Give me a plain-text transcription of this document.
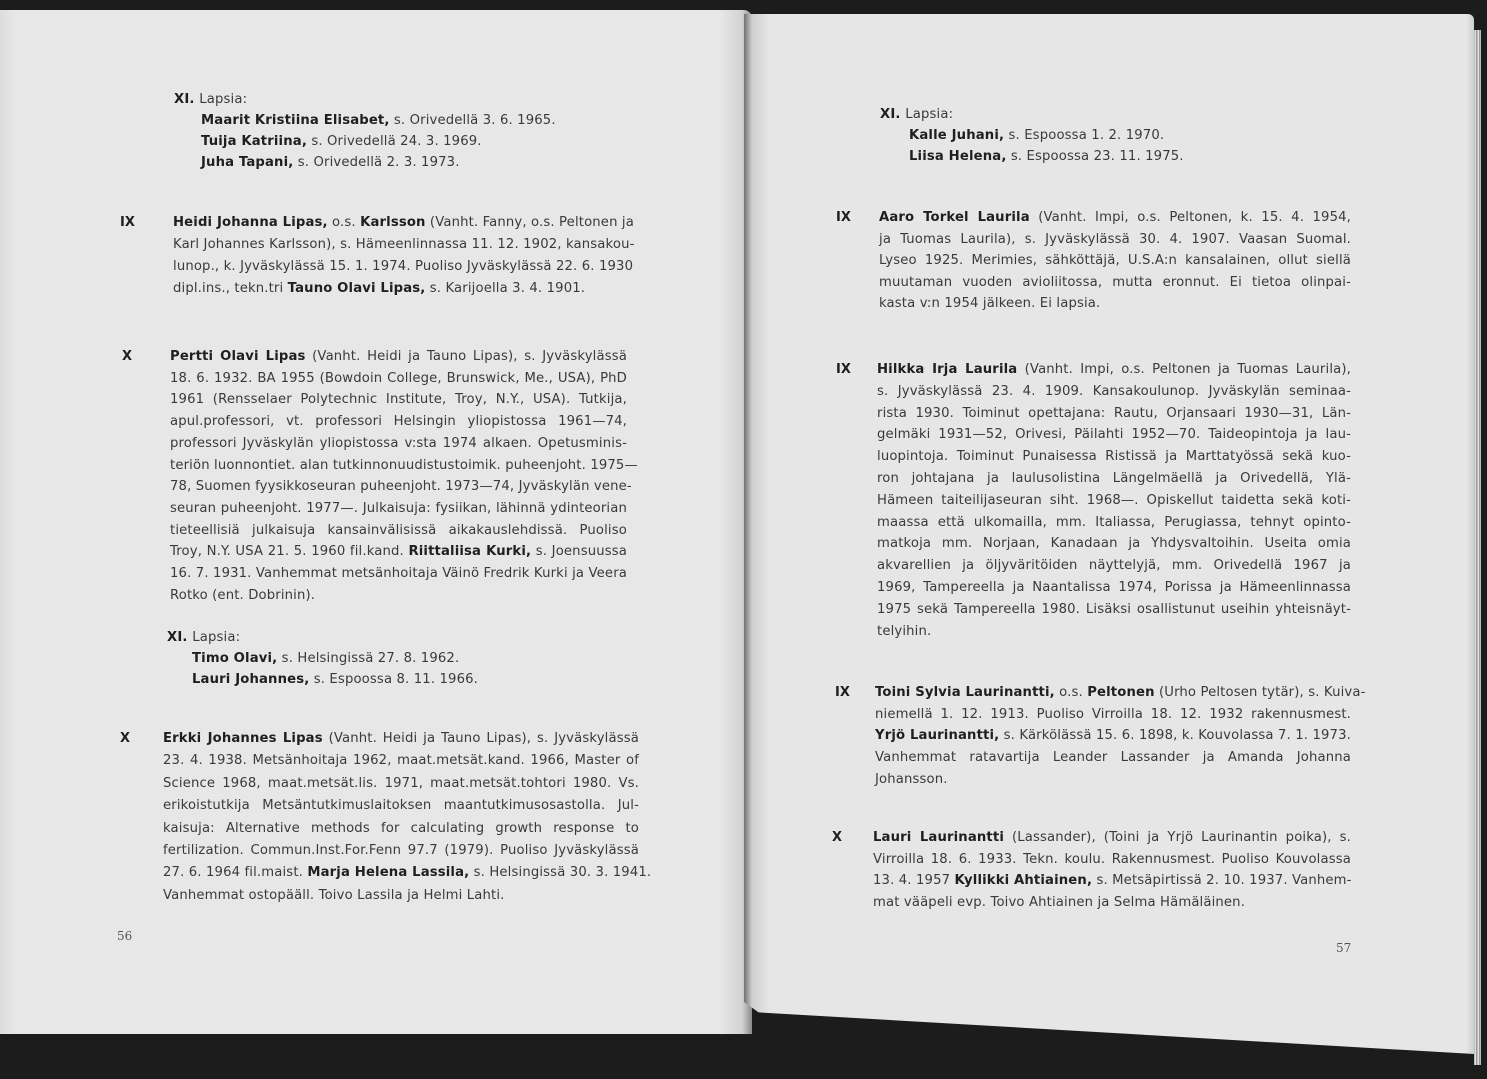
XI. Lapsia:
Maarit Kristiina Elisabet, s. Orivedellä 3. 6. 1965.
Tuija Katriina, s. Orivedellä 24. 3. 1969.
Juha Tapani, s. Orivedellä 2. 3. 1973.
IX	Heidi Johanna Lipas, o.s. Karlsson (Vanht. Fanny, o.s. Peltonen ja
Karl Johannes Karlsson), s. Hämeenlinnassa 11. 12. 1902, kansakou-
lunop., k. Jyväskylässä 15. 1. 1974. Puoliso Jyväskylässä 22. 6. 1930
dipl.ins., tekn.tri Tauno Olavi Lipas, s. Karijoella 3. 4. 1901.
X	Pertti Olavi Lipas (Vanht. Heidi ja Tauno Lipas), s. Jyväskylässä
18. 6. 1932. BA 1955 (Bowdoin College, Brunswick, Me., USA), PhD
1961 (Rensselaer Polytechnic Institute, Troy, N.Y., USA). Tutkija,
apul.professori, vt. professori Helsingin yliopistossa 1961—74,
professori Jyväskylän yliopistossa v:sta 1974 alkaen. Opetusminis-
teriön luonnontiet. alan tutkinnonuudistustoimik. puheenjoht. 1975—
78, Suomen fyysikkoseuran puheenjoht. 1973—74, Jyväskylän vene-
seuran puheenjoht. 1977—. Julkaisuja: fysiikan, lähinnä ydinteorian
tieteellisiä julkaisuja kansainvälisissä aikakauslehdissä. Puoliso
Troy, N.Y. USA 21. 5. 1960 fil.kand. Riittaliisa Kurki, s. Joensuussa
16. 7. 1931. Vanhemmat metsänhoitaja Väinö Fredrik Kurki ja Veera
Rotko (ent. Dobrinin).
XI. Lapsia:
Timo Olavi, s. Helsingissä 27. 8. 1962.
Lauri Johannes, s. Espoossa 8. 11. 1966.
X Erkki Johannes Lipas (Vanht. Heidi ja Tauno Lipas), s. Jyväskylässä
23. 4. 1938. Metsänhoitaja 1962, maat.metsät.kand. 1966, Master of
Science 1968, maat.metsät.lis. 1971, maat.metsät.tohtori 1980. Vs.
erikoistutkija Metsäntutkimuslaitoksen maantutkimusosastolla. Jul-
kaisuja: Alternative methods for calculating growth response to
fertilization. Commun.Inst.For.Fenn 97.7 (1979). Puoliso Jyväskylässä
27. 6. 1964 fil.maist. Marja Helena Lassila, s. Helsingissä 30. 3. 1941.
Vanhemmat ostopääll. Toivo Lassila ja Helmi Lahti.
XI. Lapsia:
Kalle Juhani, s. Espoossa 1. 2. 1970.
Liisa Helena, s. Espoossa 23. 11. 1975.
IX Aaro Torkel Laurila (Vanht. Impi, o.s. Peltonen, k. 15. 4. 1954,
ja Tuomas Laurila), s. Jyväskylässä 30. 4. 1907. Vaasan Suomal.
Lyseo 1925. Merimies, sähköttäjä, U.S.A:n kansalainen, ollut siellä
muutaman vuoden avioliitossa, mutta eronnut. Ei tietoa olinpai-
kasta v:n 1954 jälkeen. Ei lapsia.
IX Hilkka Irja Laurila (Vanht. Impi, o.s. Peltonen ja Tuomas Laurila),
s. Jyväskylässä 23. 4. 1909. Kansakoulunop. Jyväskylän seminaa-
rista 1930. Toiminut opettajana: Rautu, Orjansaari 1930—31, Län-
gelmäki 1931—52, Orivesi, Päilahti 1952—70. Taideopintoja ja lau-
luopintoja. Toiminut Punaisessa Ristissä ja Marttatyössä sekä kuo-
ron johtajana ja laulusolistina Längelmäellä ja Orivedellä, Ylä-
Hämeen taiteilijaseuran siht. 1968—. Opiskellut taidetta sekä koti-
maassa että ulkomailla, mm. Italiassa, Perugiassa, tehnyt opinto-
matkoja mm. Norjaan, Kanadaan ja Yhdysvaltoihin. Useita omia
akvarellien ja öljyväritöiden näyttelyjä, mm. Orivedellä 1967 ja
1969, Tampereella ja Naantalissa 1974, Porissa ja Hämeenlinnassa
1975 sekä Tampereella 1980. Lisäksi osallistunut useihin yhteisnäyt-
telyihin.
IX Toini Sylvia Laurinantti, o.s. Peltonen (Urho Peltosen tytär), s. Kuiva-
niemellä 1. 12. 1913. Puoliso Virroilla 18. 12. 1932 rakennusmest.
Yrjö Laurinantti, s. Kärkölässä 15. 6. 1898, k. Kouvolassa 7. 1. 1973.
Vanhemmat ratavartija Leander Lassander ja Amanda Johanna
Johansson.
X Lauri Laurinantti (Lassander), (Toini ja Yrjö Laurinantin poika), s.
Virroilla 18. 6. 1933. Tekn. koulu. Rakennusmest. Puoliso Kouvolassa
13. 4. 1957 Kyllikki Ahtiainen, s. Metsäpirtissä 2. 10. 1937. Vanhem-
mat vääpeli evp. Toivo Ahtiainen ja Selma Hämäläinen.
56
57
